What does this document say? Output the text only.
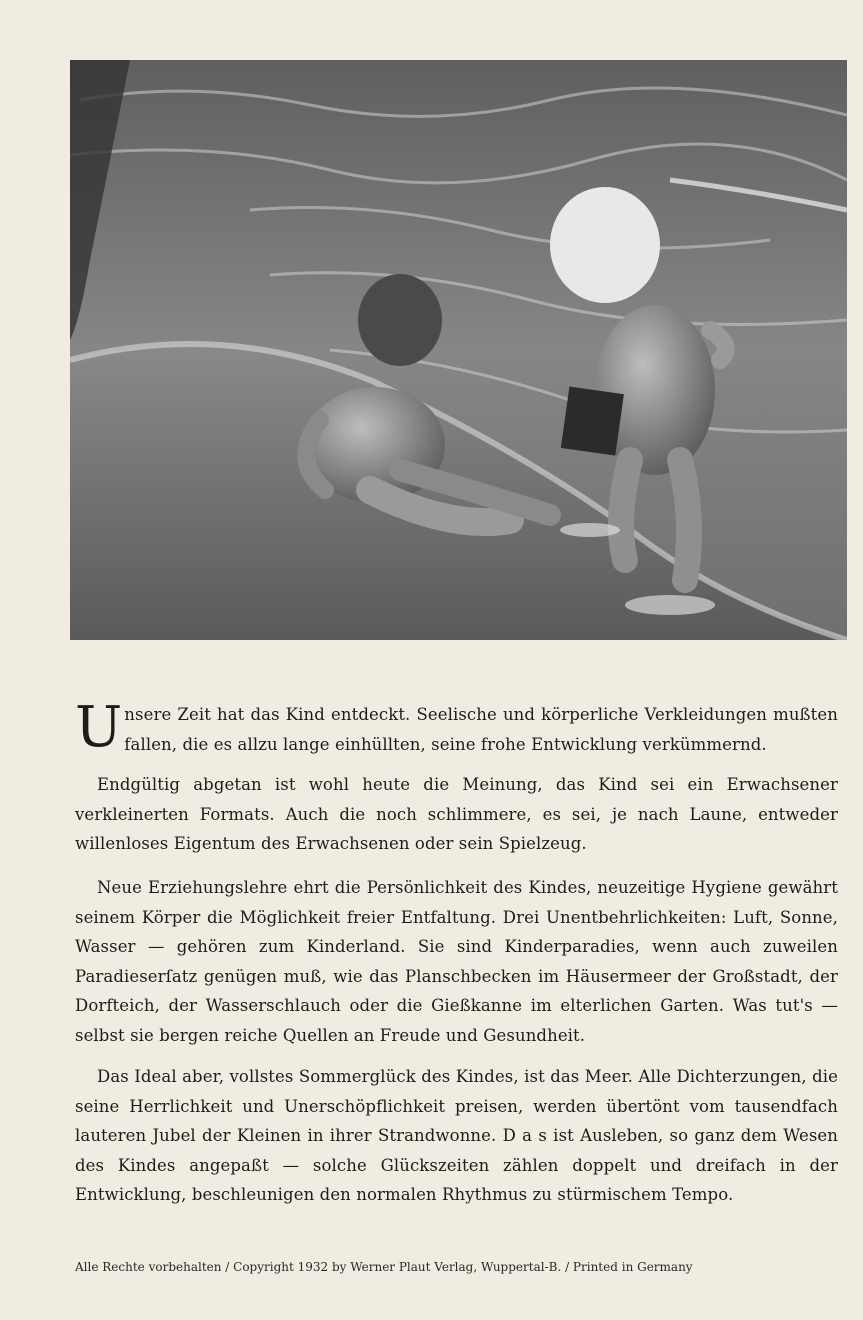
Unsere Zeit hat das Kind entdeckt. Seelische und körperliche Verkleidungen mußten fallen, die es allzu lange einhüllten, seine frohe Entwicklung verkümmernd.

Endgültig abgetan ist wohl heute die Meinung, das Kind sei ein Erwachsener verkleinerten Formats. Auch die noch schlimmere, es sei, je nach Laune, entweder willenloses Eigentum des Erwachsenen oder sein Spielzeug.

Neue Erziehungslehre ehrt die Persönlichkeit des Kindes, neuzeitige Hygiene gewährt seinem Körper die Möglichkeit freier Entfaltung. Drei Unentbehrlichkeiten: Luft, Sonne, Wasser — gehören zum Kinderland. Sie sind Kinderparadies, wenn auch zuweilen Paradieserſatz genügen muß, wie das Planschbecken im Häusermeer der Großstadt, der Dorfteich, der Wasserschlauch oder die Gießkanne im elterlichen Garten. Was tut's — selbst sie bergen reiche Quellen an Freude und Gesundheit.

Das Ideal aber, vollstes Sommerglück des Kindes, ist das Meer. Alle Dichterzungen, die seine Herrlichkeit und Unerschöpflichkeit preisen, werden übertönt vom tausendfach lauteren Jubel der Kleinen in ihrer Strandwonne. D a s ist Ausleben, so ganz dem Wesen des Kindes angepaßt — solche Glückszeiten zählen doppelt und dreifach in der Entwicklung, beschleunigen den normalen Rhythmus zu stürmischem Tempo.

Alle Rechte vorbehalten / Copyright 1932 by Werner Plaut Verlag, Wuppertal-B. / Printed in Germany
